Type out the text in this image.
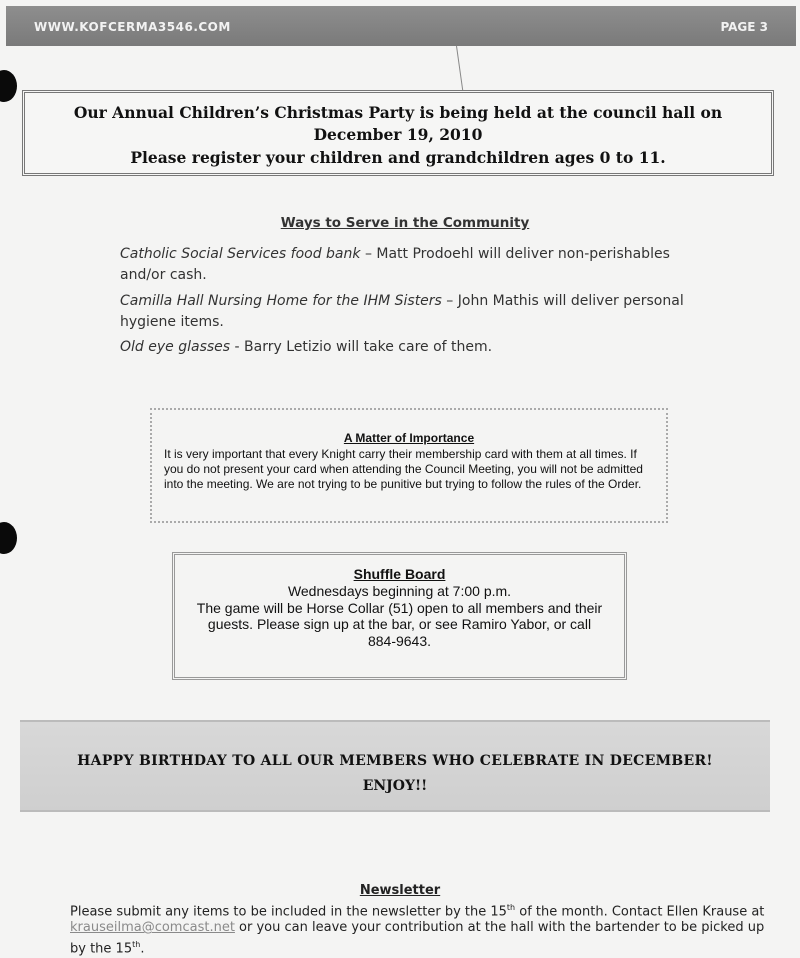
WWW.KOFCERMA3546.COM	PAGE 3
Our Annual Children’s Christmas Party is being held at the council hall on
December 19, 2010
Please register your children and grandchildren ages 0 to 11.
Ways to Serve in the Community

Catholic Social Services food bank – Matt Prodoehl will deliver non-perishables
and/or cash.

Camilla Hall Nursing Home for the IHM Sisters – John Mathis will deliver personal
hygiene items.

Old eye glasses - Barry Letizio will take care of them.

A Matter of Importance
It is very important that every Knight carry their membership card with them at all times. If you do not present your card when attending the Council Meeting, you will not be admitted into the meeting. We are not trying to be punitive but trying to follow the rules of the Order.
Shuffle Board
Wednesdays beginning at 7:00 p.m.
The game will be Horse Collar (51) open to all members and their guests. Please sign up at the bar, or see Ramiro Yabor, or call
884-9643.
HAPPY BIRTHDAY TO ALL OUR MEMBERS WHO CELEBRATE IN DECEMBER!
ENJOY!!
Newsletter
Please submit any items to be included in the newsletter by the 15th of the month. Contact Ellen Krause at krauseilma@comcast.net or you can leave your contribution at the hall with the bartender to be picked up by the 15th.
